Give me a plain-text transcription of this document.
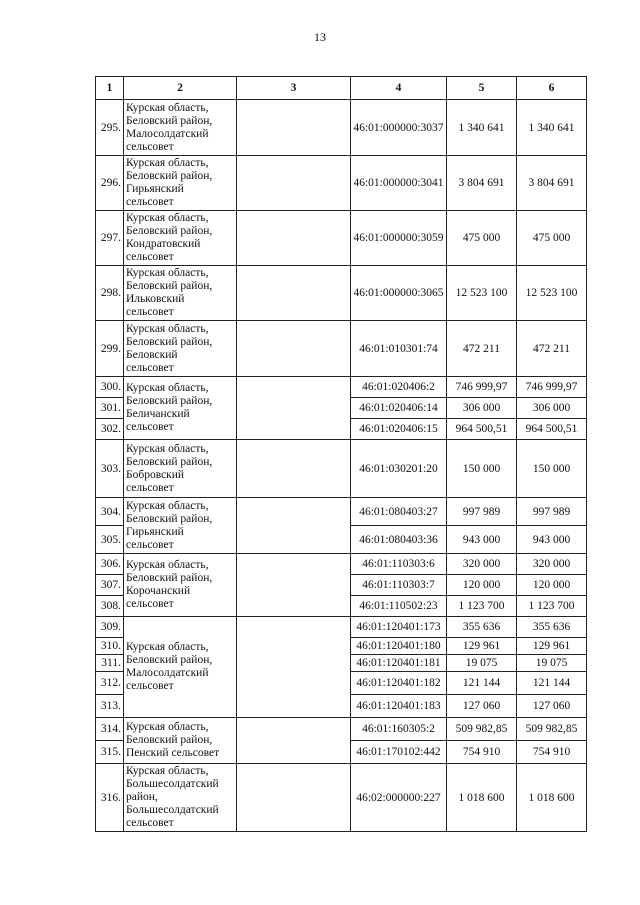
13
1	2	3	4	5	6
295.	Курская область,
Беловский район,
Малосолдатский
сельсовет		46:01:000000:3037	1 340 641	1 340 641
296.	Курская область,
Беловский район,
Гирьянский
сельсовет		46:01:000000:3041	3 804 691	3 804 691
297.	Курская область,
Беловский район,
Кондратовский
сельсовет		46:01:000000:3059	475 000	475 000
298.	Курская область,
Беловский район,
Ильковский
сельсовет		46:01:000000:3065	12 523 100	12 523 100
299.	Курская область,
Беловский район,
Беловский
сельсовет		46:01:010301:74	472 211	472 211
300.	Курская область,
Беловский район,
Беличанский
сельсовет		46:01:020406:2	746 999,97	746 999,97
301.			46:01:020406:14	306 000	306 000
302.			46:01:020406:15	964 500,51	964 500,51
303.	Курская область,
Беловский район,
Бобровский
сельсовет		46:01:030201:20	150 000	150 000
304.	Курская область,
Беловский район,
Гирьянский
сельсовет		46:01:080403:27	997 989	997 989
305.			46:01:080403:36	943 000	943 000
306.	Курская область,
Беловский район,
Корочанский
сельсовет		46:01:110303:6	320 000	320 000
307.			46:01:110303:7	120 000	120 000
308.			46:01:110502:23	1 123 700	1 123 700
309.	Курская область,
Беловский район,
Малосолдатский
сельсовет		46:01:120401:173	355 636	355 636
310.			46:01:120401:180	129 961	129 961
311.			46:01:120401:181	19 075	19 075
312.			46:01:120401:182	121 144	121 144
313.			46:01:120401:183	127 060	127 060
314.	Курская область,
Беловский район,
Пенский сельсовет		46:01:160305:2	509 982,85	509 982,85
315.			46:01:170102:442	754 910	754 910
316.	Курская область,
Большесолдатский
район,
Большесолдатский
сельсовет		46:02:000000:227	1 018 600	1 018 600
